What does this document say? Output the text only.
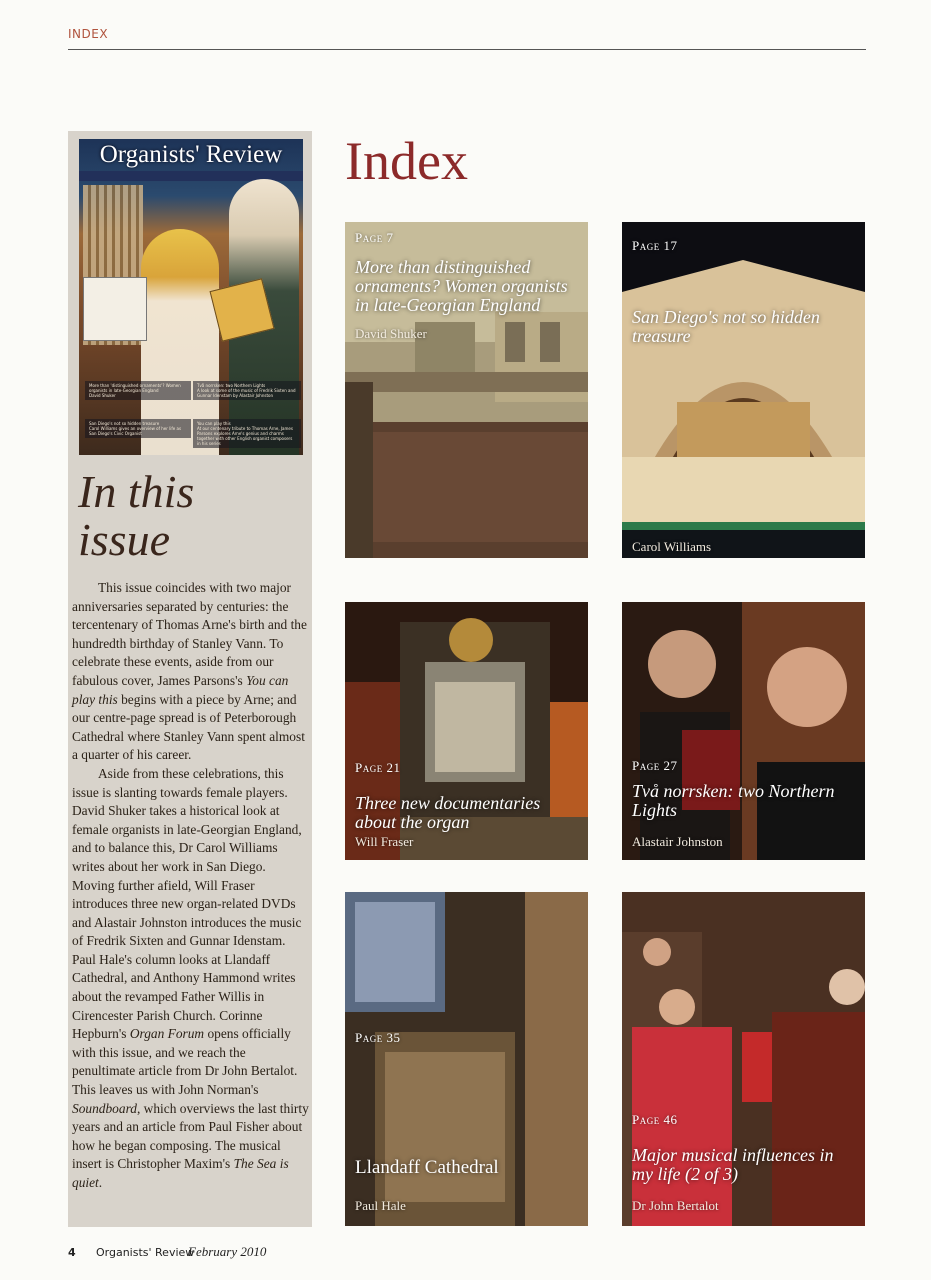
INDEX
Organists' Review
More than 'distinguished ornaments'? Women organists in late-Georgian England
David Shuker
Två norrsken: two Northern Lights
A look at some of the music of Fredrik Sixten and Gunnar Idenstam by Alastair Johnston
San Diego's not so hidden treasure
Carol Williams gives an overview of her life as San Diego's Civic Organist
You can play this
At our centenary tribute to Thomas Arne, James Parsons explores Arne's genius and charms together with other English organist composers in his series
In this
issue

This issue coincides with two major anniversaries separated by centuries: the tercentenary of Thomas Arne's birth and the hundredth birthday of Stanley Vann. To celebrate these events, aside from our fabulous cover, James Parsons's You can play this begins with a piece by Arne; and our centre-page spread is of Peterborough Cathedral where Stanley Vann spent almost a quarter of his career.

Aside from these celebrations, this issue is slanting towards female players. David Shuker takes a historical look at female organists in late-Georgian England, and to balance this, Dr Carol Williams writes about her work in San Diego. Moving further afield, Will Fraser introduces three new organ-related DVDs and Alastair Johnston introduces the music of Fredrik Sixten and Gunnar Idenstam. Paul Hale's column looks at Llandaff Cathedral, and Anthony Hammond writes about the revamped Father Willis in Cirencester Parish Church. Corinne Hepburn's Organ Forum opens officially with this issue, and we reach the penultimate article from Dr John Bertalot. This leaves us with John Norman's Soundboard, which overviews the last thirty years and an article from Paul Fisher about how he began composing. The musical insert is Christopher Maxim's The Sea is quiet.

Index
Page 7
More than distinguished ornaments? Women organists in late-Georgian England
David Shuker
Page 17
San Diego's not so hidden treasure
Carol Williams
Page 21
Three new documentaries about the organ
Will Fraser
Page 27
Två norrsken: two Northern Lights
Alastair Johnston
Page 35
Llandaff Cathedral
Paul Hale
Page 46
Major musical influences in my life (2 of 3)
Dr John Bertalot
4 Organists' Review
February 2010
